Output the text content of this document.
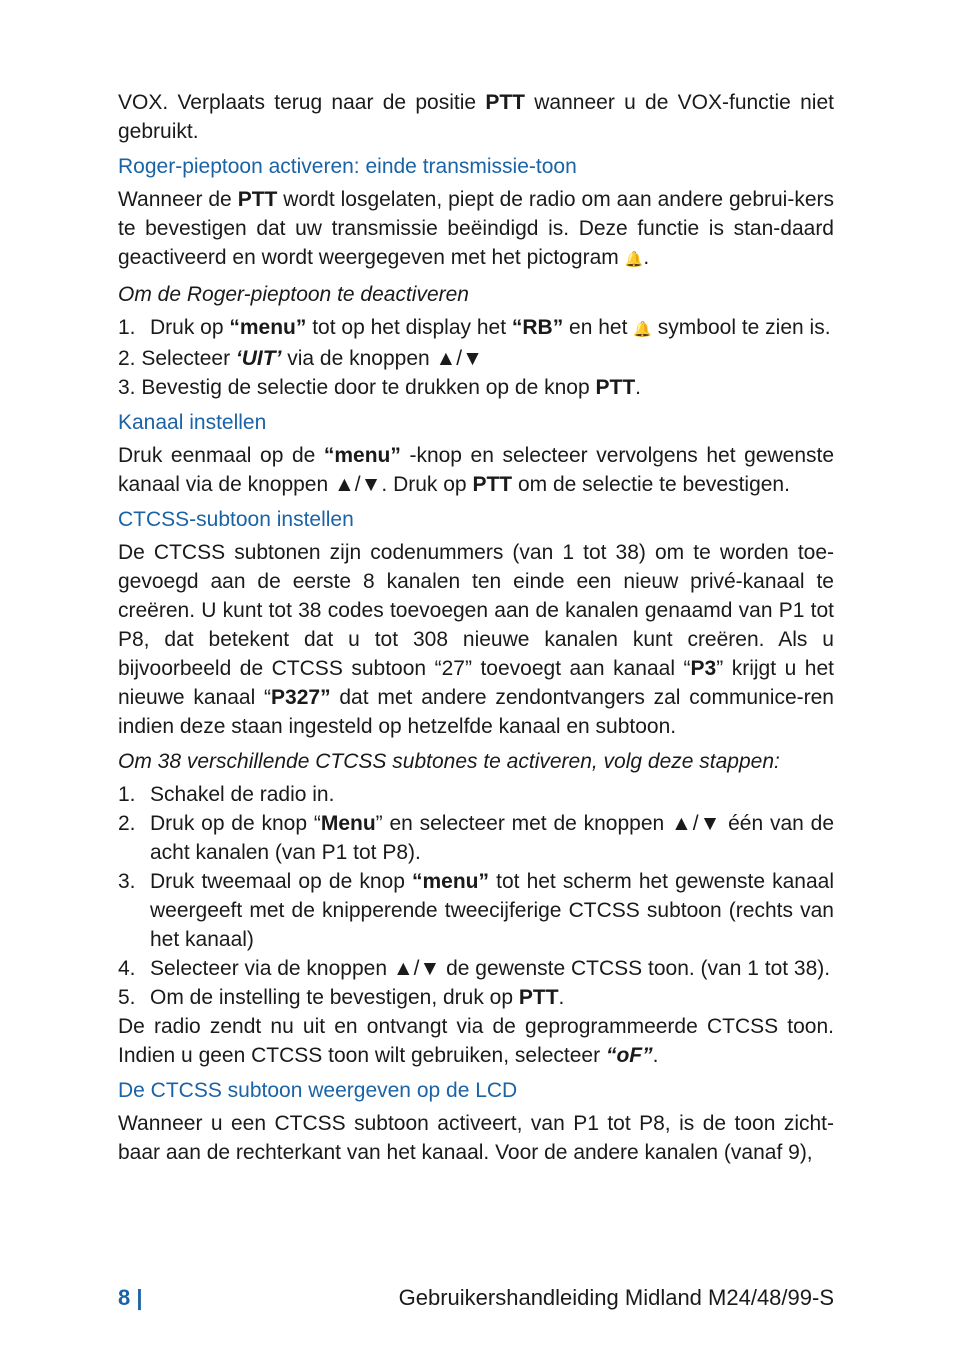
VOX. Verplaats terug naar de positie PTT wanneer u de VOX-functie niet gebruikt.

Roger-pieptoon activeren: einde transmissie-toon

Wanneer de PTT wordt losgelaten, piept de radio om aan andere gebrui-kers te bevestigen dat uw transmissie beëindigd is. Deze functie is stan-daard geactiveerd en wordt weergegeven met het pictogram 🔔.

Om de Roger-pieptoon te deactiveren
1. Druk op “menu” tot op het display het “RB” en het 🔔 symbool te zien is.

2. Selecteer ‘UIT’ via de knoppen ▲/▼

3. Bevestig de selectie door te drukken op de knop PTT.

Kanaal instellen

Druk eenmaal op de “menu” -knop en selecteer vervolgens het gewenste kanaal via de knoppen ▲/▼. Druk op PTT om de selectie te bevestigen.

CTCSS-subtoon instellen

De CTCSS subtonen zijn codenummers (van 1 tot 38) om te worden toe-gevoegd aan de eerste 8 kanalen ten einde een nieuw privé-kanaal te creëren. U kunt tot 38 codes toevoegen aan de kanalen genaamd van P1 tot P8, dat betekent dat u tot 308 nieuwe kanalen kunt creëren. Als u bijvoorbeeld de CTCSS subtoon “27” toevoegt aan kanaal “P3” krijgt u het nieuwe kanaal “P327” dat met andere zendontvangers zal communice-ren indien deze staan ingesteld op hetzelfde kanaal en subtoon.

Om 38 verschillende CTCSS subtones te activeren, volg deze stappen:
1. Schakel de radio in.
2. Druk op de knop “Menu” en selecteer met de knoppen ▲/▼ één van de acht kanalen (van P1 tot P8).
3. Druk tweemaal op de knop “menu” tot het scherm het gewenste kanaal weergeeft met de knipperende tweecijferige CTCSS subtoon (rechts van het kanaal)
4. Selecteer via de knoppen ▲/▼ de gewenste CTCSS toon. (van 1 tot 38).
5. Om de instelling te bevestigen, druk op PTT.

De radio zendt nu uit en ontvangt via de geprogrammeerde CTCSS toon. Indien u geen CTCSS toon wilt gebruiken, selecteer “oF”.

De CTCSS subtoon weergeven op de LCD

Wanneer u een CTCSS subtoon activeert, van P1 tot P8, is de toon zicht-baar aan de rechterkant van het kanaal. Voor de andere kanalen (vanaf 9),

8 |	Gebruikershandleiding Midland M24/48/99-S
